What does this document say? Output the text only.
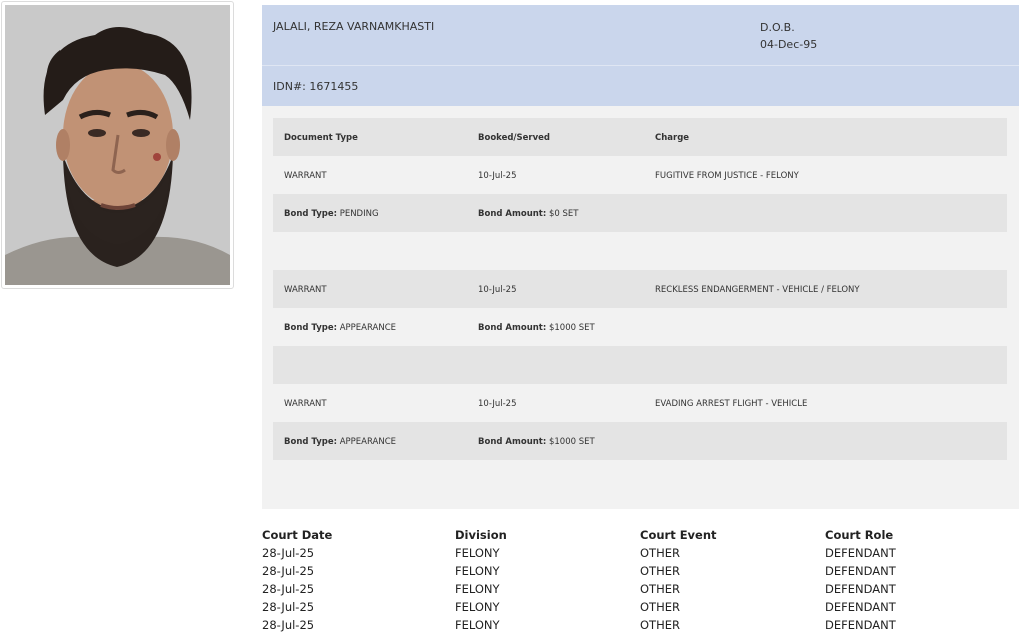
JALALI, REZA VARNAMKHASTI	D.O.B.
04-Dec-95
IDN#: 1671455
Document Type	Booked/Served	Charge
WARRANT	10-Jul-25	FUGITIVE FROM JUSTICE - FELONY
Bond Type: PENDING	Bond Amount: $0 SET
WARRANT	10-Jul-25	RECKLESS ENDANGERMENT - VEHICLE / FELONY
Bond Type: APPEARANCE	Bond Amount: $1000 SET
WARRANT	10-Jul-25	EVADING ARREST FLIGHT - VEHICLE
Bond Type: APPEARANCE	Bond Amount: $1000 SET
Court Date	Division	Court Event	Court Role
28-Jul-25	FELONY	OTHER	DEFENDANT
28-Jul-25	FELONY	OTHER	DEFENDANT
28-Jul-25	FELONY	OTHER	DEFENDANT
28-Jul-25	FELONY	OTHER	DEFENDANT
28-Jul-25	FELONY	OTHER	DEFENDANT
